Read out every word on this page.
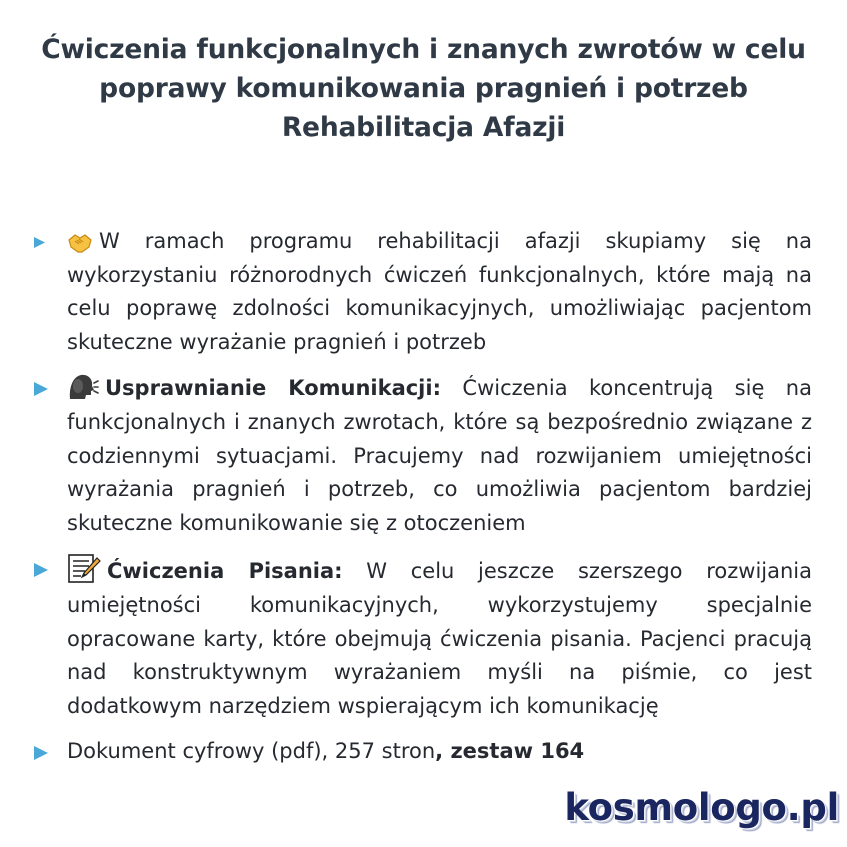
Ćwiczenia funkcjonalnych i znanych zwrotów w celu
poprawy komunikowania pragnień i potrzeb
Rehabilitacja Afazji
W ramach programu rehabilitacji afazji skupiamy się na wykorzystaniu różnorodnych ćwiczeń funkcjonalnych, które mają na celu poprawę zdolności komunikacyjnych, umożliwiając pacjentom skuteczne wyrażanie pragnień i potrzeb
Usprawnianie Komunikacji: Ćwiczenia koncentrują się na funkcjonalnych i znanych zwrotach, które są bezpośrednio związane z codziennymi sytuacjami. Pracujemy nad rozwijaniem umiejętności wyrażania pragnień i potrzeb, co umożliwia pacjentom bardziej skuteczne komunikowanie się z otoczeniem
Ćwiczenia Pisania: W celu jeszcze szerszego rozwijania umiejętności komunikacyjnych, wykorzystujemy specjalnie opracowane karty, które obejmują ćwiczenia pisania. Pacjenci pracują nad konstruktywnym wyrażaniem myśli na piśmie, co jest dodatkowym narzędziem wspierającym ich komunikację
Dokument cyfrowy (pdf), 257 stron, zestaw 164
kosmologo.pl
